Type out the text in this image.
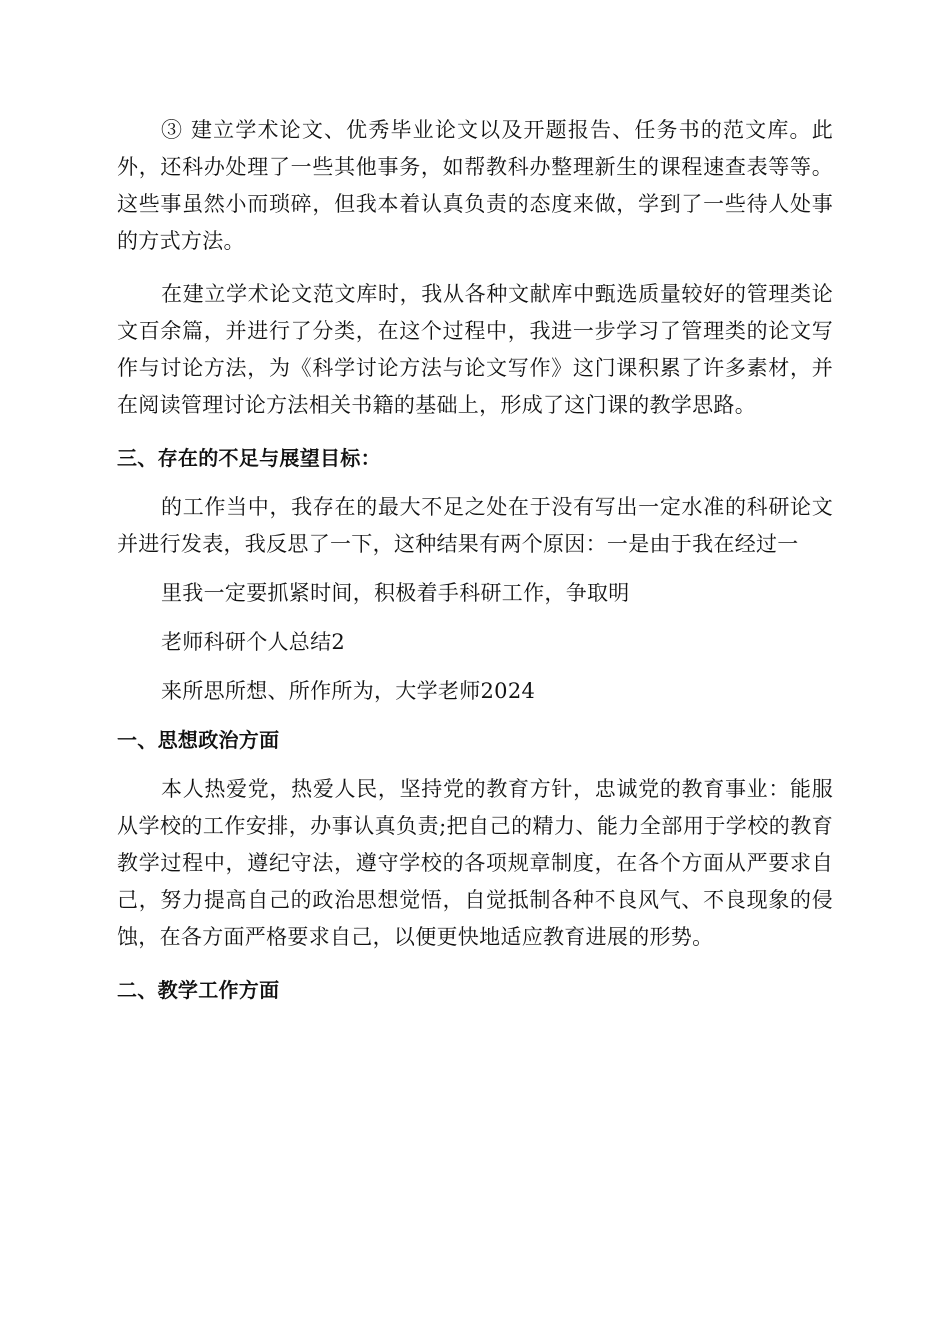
③ 建立学术论文、优秀毕业论文以及开题报告、任务书的范文库。此外，还科办处理了一些其他事务，如帮教科办整理新生的课程速查表等等。这些事虽然小而琐碎，但我本着认真负责的态度来做，学到了一些待人处事的方式方法。

在建立学术论文范文库时，我从各种文献库中甄选质量较好的管理类论文百余篇，并进行了分类，在这个过程中，我进一步学习了管理类的论文写作与讨论方法，为《科学讨论方法与论文写作》这门课积累了许多素材，并在阅读管理讨论方法相关书籍的基础上，形成了这门课的教学思路。

三、存在的不足与展望目标：

的工作当中，我存在的最大不足之处在于没有写出一定水准的科研论文并进行发表，我反思了一下，这种结果有两个原因：一是由于我在经过一

里我一定要抓紧时间，积极着手科研工作，争取明

老师科研个人总结2

来所思所想、所作所为，大学老师2024

一、思想政治方面

本人热爱党，热爱人民，坚持党的教育方针，忠诚党的教育事业：能服从学校的工作安排，办事认真负责;把自己的精力、能力全部用于学校的教育教学过程中，遵纪守法，遵守学校的各项规章制度，在各个方面从严要求自己，努力提高自己的政治思想觉悟，自觉抵制各种不良风气、不良现象的侵蚀，在各方面严格要求自己，以便更快地适应教育进展的形势。

二、教学工作方面
